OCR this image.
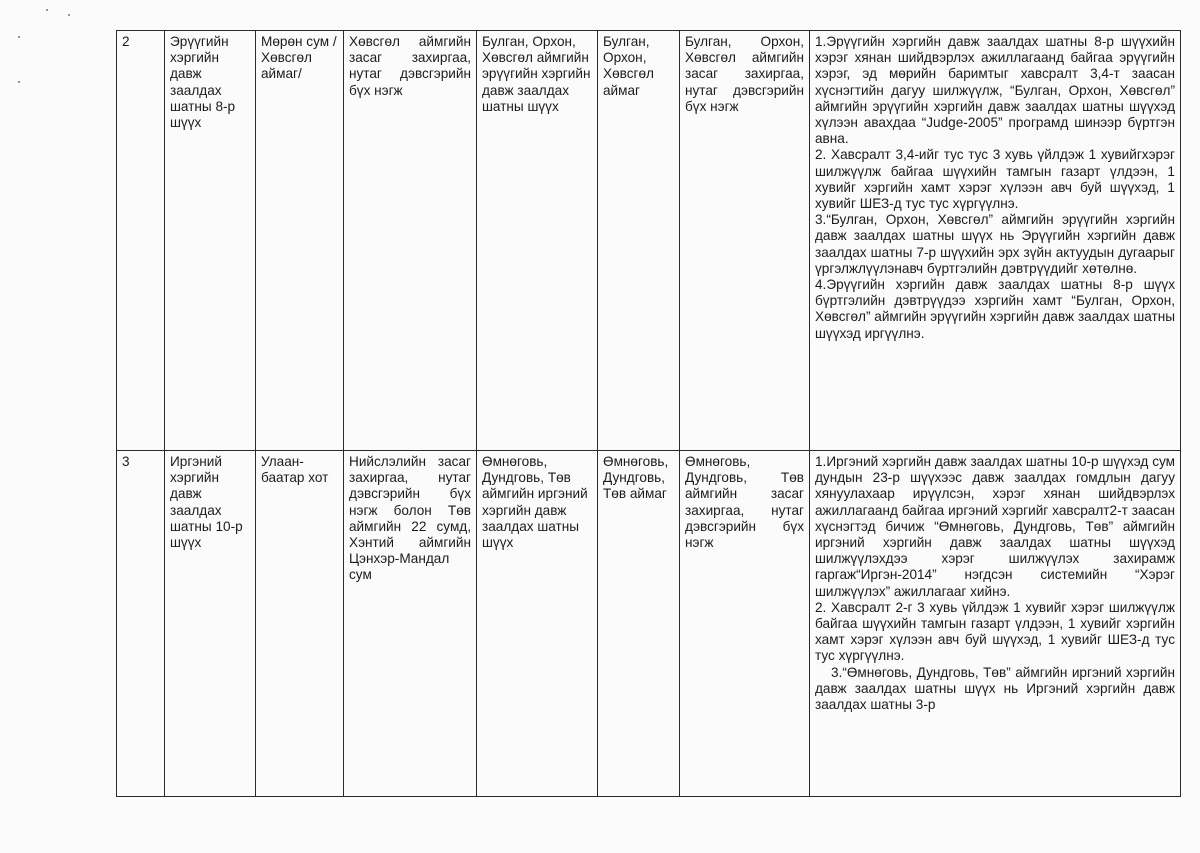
2	Эрүүгийн хэргийн давж заалдах шатны 8-р шүүх	Мөрөн сум /Хөвсгөл аймаг/	Хөвсгөл аймгийн засаг захиргаа, нутаг дэвсгэрийн бүх нэгж	Булган, Орхон, Хөвсгөл аймгийн эрүүгийн хэргийн давж заалдах шатны шүүх	Булган, Орхон, Хөвсгөл аймаг	Булган, Орхон, Хөвсгөл аймгийн засаг захиргаа, нутаг дэвсгэрийн бүх нэгж	1.Эрүүгийн хэргийн давж заалдах шатны 8-р шүүхийн хэрэг хянан шийдвэрлэх ажиллагаанд байгаа эрүүгийн хэрэг, эд мөрийн баримтыг хавсралт 3,4-т заасан хүснэгтийн дагуу шилжүүлж, “Булган, Орхон, Хөвсгөл” аймгийн эрүүгийн хэргийн давж заалдах шатны шүүхэд хүлээн авахдаа “Judge-2005” програмд шинээр бүртгэн авна.
2. Хавсралт 3,4-ийг тус тус 3 хувь үйлдэж 1 хувийгхэрэг шилжүүлж байгаа шүүхийн тамгын газарт үлдээн, 1 хувийг хэргийн хамт хэрэг хүлээн авч буй шүүхэд, 1 хувийг ШЕЗ-д тус тус хүргүүлнэ.
3.“Булган, Орхон, Хөвсгөл” аймгийн эрүүгийн хэргийн давж заалдах шатны шүүх нь Эрүүгийн хэргийн давж заалдах шатны 7-р шүүхийн эрх зүйн актуудын дугаарыг үргэлжлүүлэнавч бүртгэлийн дэвтрүүдийг хөтөлнө.
4.Эрүүгийн хэргийн давж заалдах шатны 8-р шүүх бүртгэлийн дэвтрүүдээ хэргийн хамт “Булган, Орхон, Хөвсгөл” аймгийн эрүүгийн хэргийн давж заалдах шатны шүүхэд иргүүлнэ.

3	Иргэний хэргийн давж заалдах шатны 10-р шүүх	Улаан-баатар хот	Нийслэлийн засаг захиргаа, нутаг дэвсгэрийн бүх нэгж болон Төв аймгийн 22 сумд, Хэнтий аймгийн Цэнхэр-Мандал сум	Өмнөговь, Дундговь, Төв аймгийн иргэний хэргийн давж заалдах шатны шүүх	Өмнөговь, Дундговь, Төв аймаг	Өмнөговь, Дундговь, Төв аймгийн засаг захиргаа, нутаг дэвсгэрийн бүх нэгж	1.Иргэний хэргийн давж заалдах шатны 10-р шүүхэд сум дундын 23-р шүүхээс давж заалдах гомдлын дагуу хянуулахаар ирүүлсэн, хэрэг хянан шийдвэрлэх ажиллагаанд байгаа иргэний хэргийг хавсралт2-т заасан хүснэгтэд бичиж “Өмнөговь, Дундговь, Төв” аймгийн иргэний хэргийн давж заалдах шатны шүүхэд шилжүүлэхдээ хэрэг шилжүүлэх захирамж гаргаж“Иргэн-2014” нэгдсэн системийн “Хэрэг шилжүүлэх” ажиллагааг хийнэ.
2. Хавсралт 2-г 3 хувь үйлдэж 1 хувийг хэрэг шилжүүлж байгаа шүүхийн тамгын газарт үлдээн, 1 хувийг хэргийн хамт хэрэг хүлээн авч буй шүүхэд, 1 хувийг ШЕЗ-д тус тус хүргүүлнэ.
3.“Өмнөговь, Дундговь, Төв” аймгийн иргэний хэргийн давж заалдах шатны шүүх нь Иргэний хэргийн давж заалдах шатны 3-р
